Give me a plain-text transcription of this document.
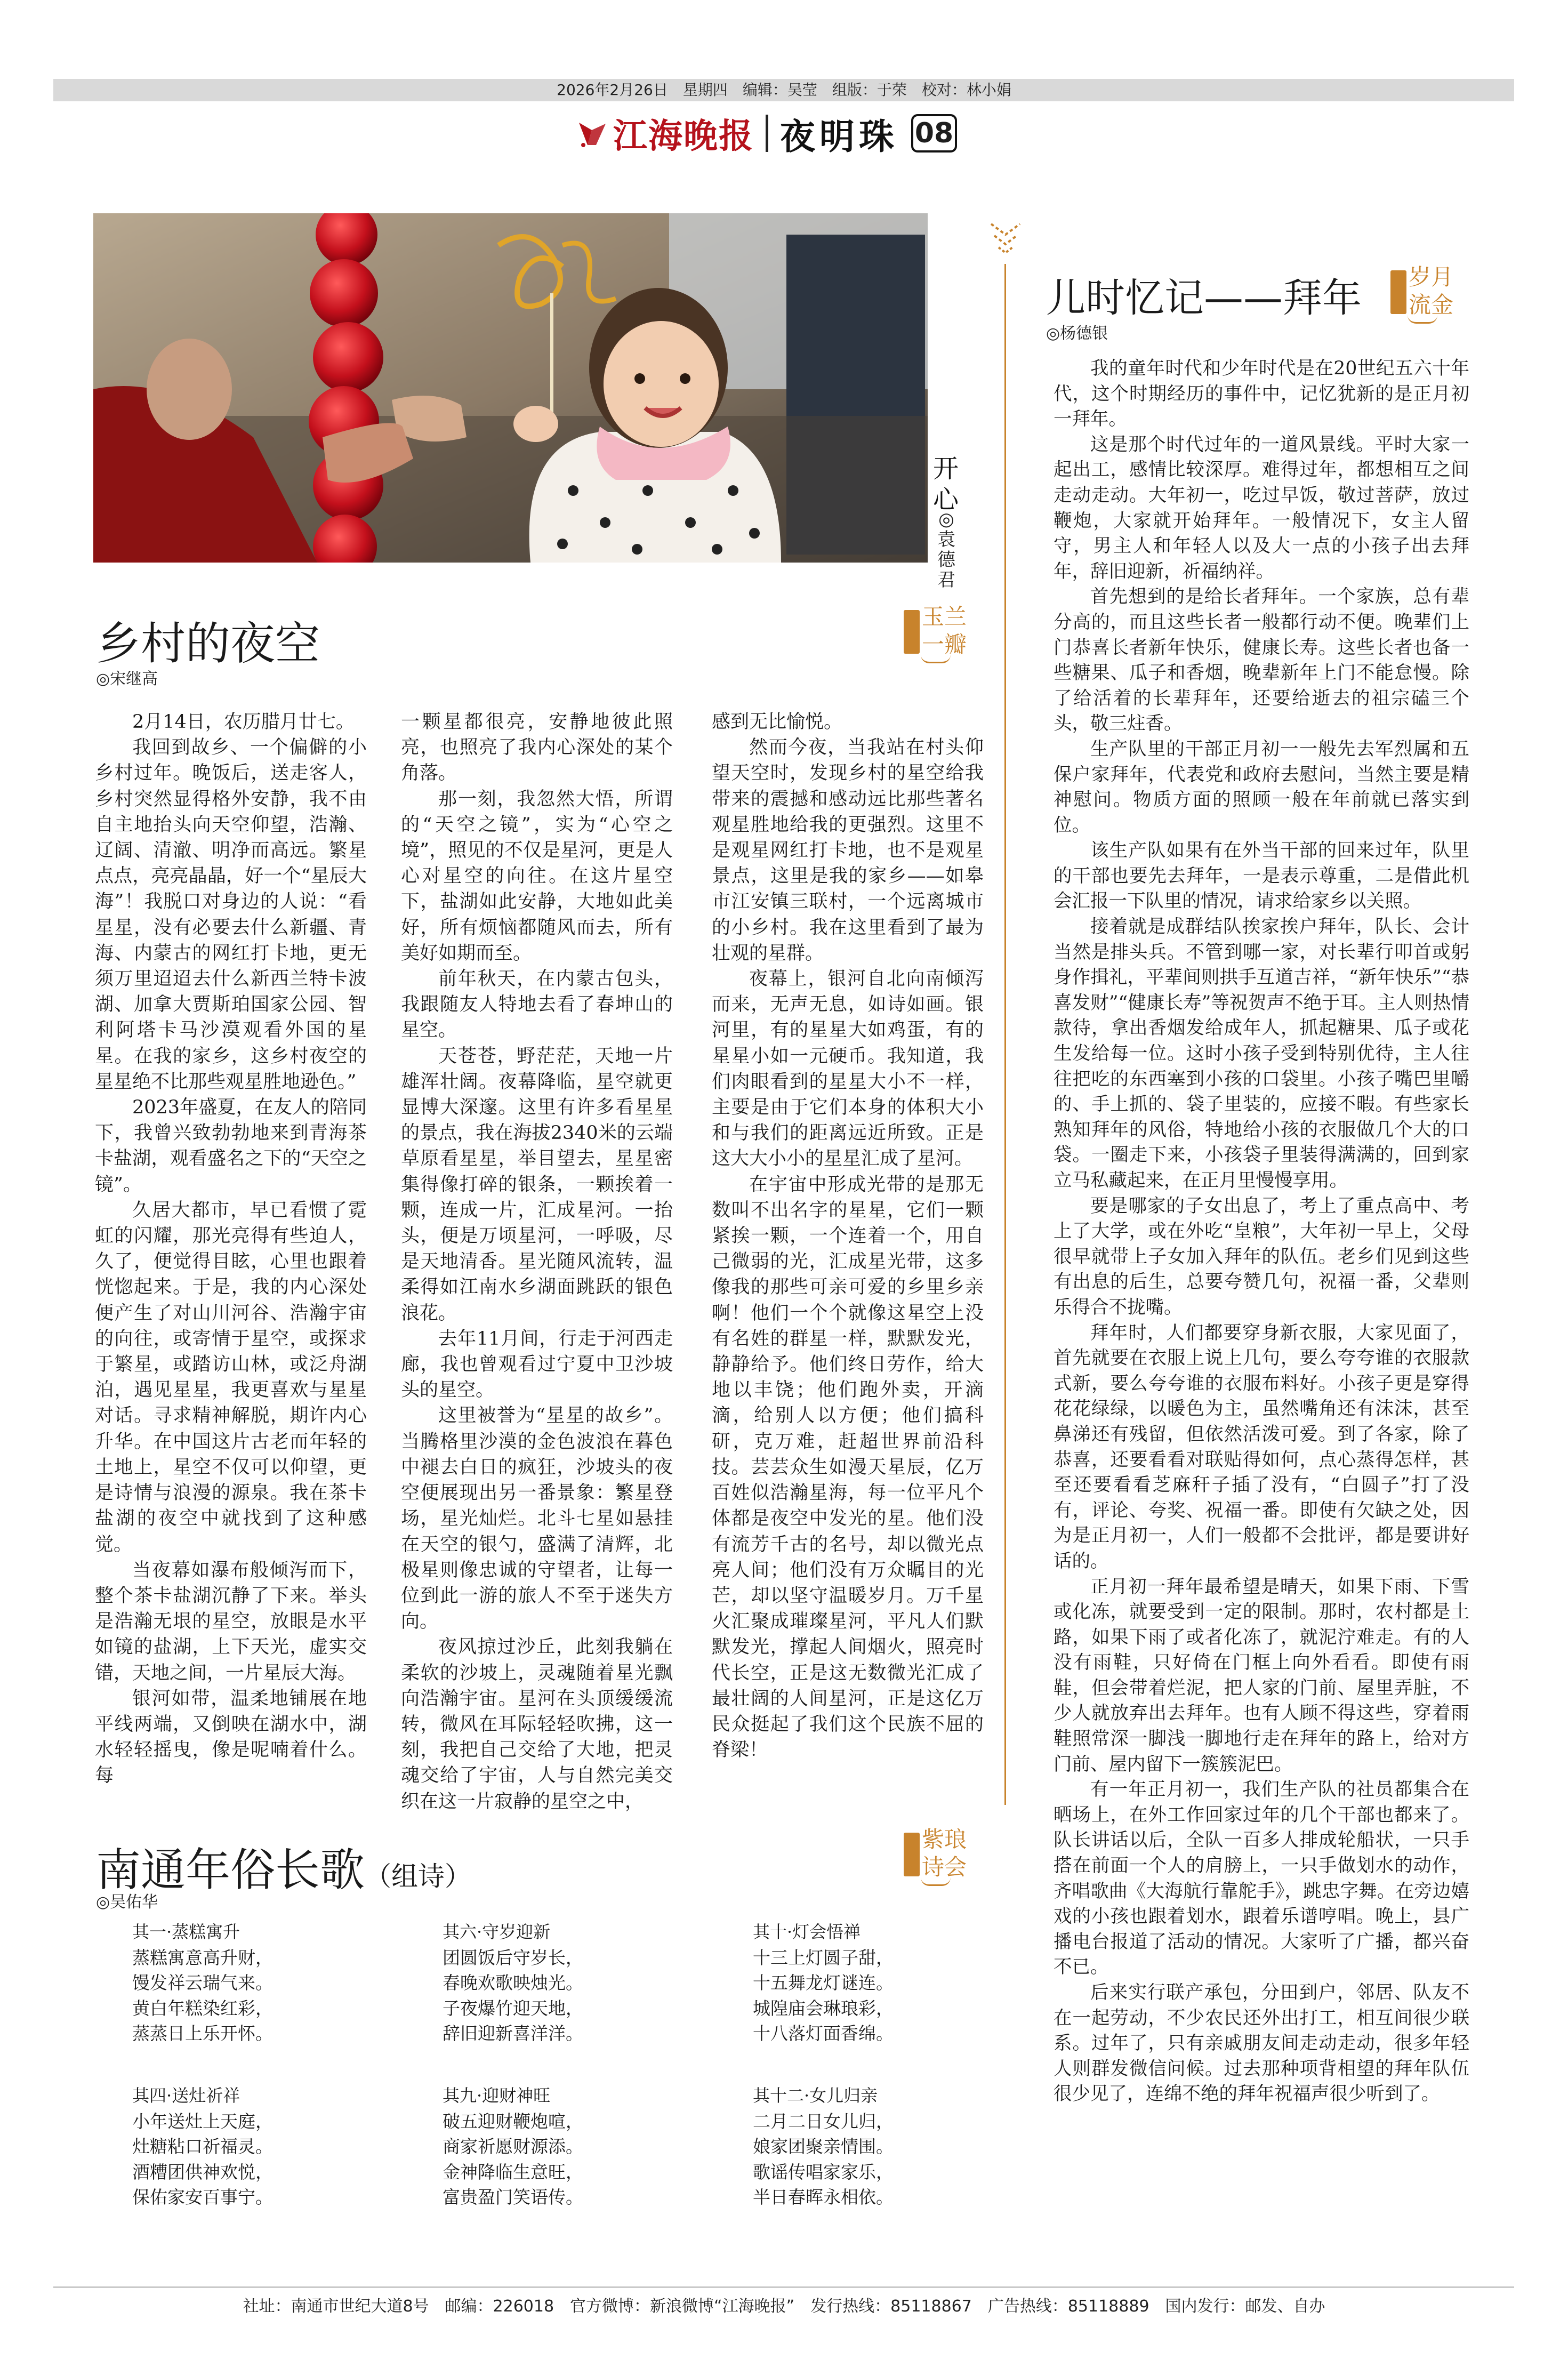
2026年2月26日　星期四　编辑：吴莹　组版：于荣　校对：林小娟
江海晚报 夜明珠 08
开心
◎袁德君
乡村的夜空
◎宋继高
玉兰
一瓣

2月14日，农历腊月廿七。

我回到故乡、一个偏僻的小乡村过年。晚饭后，送走客人，乡村突然显得格外安静，我不由自主地抬头向天空仰望，浩瀚、辽阔、清澈、明净而高远。繁星点点，亮亮晶晶，好一个“星辰大海”！我脱口对身边的人说：“看星星，没有必要去什么新疆、青海、内蒙古的网红打卡地，更无须万里迢迢去什么新西兰特卡波湖、加拿大贾斯珀国家公园、智利阿塔卡马沙漠观看外国的星星。在我的家乡，这乡村夜空的星星绝不比那些观星胜地逊色。”

2023年盛夏，在友人的陪同下，我曾兴致勃勃地来到青海茶卡盐湖，观看盛名之下的“天空之镜”。

久居大都市，早已看惯了霓虹的闪耀，那光亮得有些迫人，久了，便觉得目眩，心里也跟着恍惚起来。于是，我的内心深处便产生了对山川河谷、浩瀚宇宙的向往，或寄情于星空，或探求于繁星，或踏访山林，或泛舟湖泊，遇见星星，我更喜欢与星星对话。寻求精神解脱，期许内心升华。在中国这片古老而年轻的土地上，星空不仅可以仰望，更是诗情与浪漫的源泉。我在茶卡盐湖的夜空中就找到了这种感觉。

当夜幕如瀑布般倾泻而下，整个茶卡盐湖沉静了下来。举头是浩瀚无垠的星空，放眼是水平如镜的盐湖，上下天光，虚实交错，天地之间，一片星辰大海。

银河如带，温柔地铺展在地平线两端，又倒映在湖水中，湖水轻轻摇曳，像是呢喃着什么。每

一颗星都很亮，安静地彼此照亮，也照亮了我内心深处的某个角落。

那一刻，我忽然大悟，所谓的“天空之镜”，实为“心空之境”，照见的不仅是星河，更是人心对星空的向往。在这片星空下，盐湖如此安静，大地如此美好，所有烦恼都随风而去，所有美好如期而至。

前年秋天，在内蒙古包头，我跟随友人特地去看了春坤山的星空。

天苍苍，野茫茫，天地一片雄浑壮阔。夜幕降临，星空就更显博大深邃。这里有许多看星星的景点，我在海拔2340米的云端草原看星星，举目望去，星星密集得像打碎的银条，一颗挨着一颗，连成一片，汇成星河。一抬头，便是万顷星河，一呼吸，尽是天地清香。星光随风流转，温柔得如江南水乡湖面跳跃的银色浪花。

去年11月间，行走于河西走廊，我也曾观看过宁夏中卫沙坡头的星空。

这里被誉为“星星的故乡”。当腾格里沙漠的金色波浪在暮色中褪去白日的疯狂，沙坡头的夜空便展现出另一番景象：繁星登场，星光灿烂。北斗七星如悬挂在天空的银勺，盛满了清辉，北极星则像忠诚的守望者，让每一位到此一游的旅人不至于迷失方向。

夜风掠过沙丘，此刻我躺在柔软的沙坡上，灵魂随着星光飘向浩瀚宇宙。星河在头顶缓缓流转，微风在耳际轻轻吹拂，这一刻，我把自己交给了大地，把灵魂交给了宇宙，人与自然完美交织在这一片寂静的星空之中，

感到无比愉悦。

然而今夜，当我站在村头仰望天空时，发现乡村的星空给我带来的震撼和感动远比那些著名观星胜地给我的更强烈。这里不是观星网红打卡地，也不是观星景点，这里是我的家乡——如皋市江安镇三联村，一个远离城市的小乡村。我在这里看到了最为壮观的星群。

夜幕上，银河自北向南倾泻而来，无声无息，如诗如画。银河里，有的星星大如鸡蛋，有的星星小如一元硬币。我知道，我们肉眼看到的星星大小不一样，主要是由于它们本身的体积大小和与我们的距离远近所致。正是这大大小小的星星汇成了星河。

在宇宙中形成光带的是那无数叫不出名字的星星，它们一颗紧挨一颗，一个连着一个，用自己微弱的光，汇成星光带，这多像我的那些可亲可爱的乡里乡亲啊！他们一个个就像这星空上没有名姓的群星一样，默默发光，静静给予。他们终日劳作，给大地以丰饶；他们跑外卖，开滴滴，给别人以方便；他们搞科研，克万难，赶超世界前沿科技。芸芸众生如漫天星辰，亿万百姓似浩瀚星海，每一位平凡个体都是夜空中发光的星。他们没有流芳千古的名号，却以微光点亮人间；他们没有万众瞩目的光芒，却以坚守温暖岁月。万千星火汇聚成璀璨星河，平凡人们默默发光，撑起人间烟火，照亮时代长空，正是这无数微光汇成了最壮阔的人间星河，正是这亿万民众挺起了我们这个民族不屈的脊梁！

南通年俗长歌（组诗）
◎吴佑华
紫琅
诗会
其一·蒸糕寓升
蒸糕寓意高升财，
馒发祥云瑞气来。
黄白年糕染红彩，
蒸蒸日上乐开怀。
其六·守岁迎新
团圆饭后守岁长，
春晚欢歌映烛光。
子夜爆竹迎天地，
辞旧迎新喜洋洋。
其十·灯会悟禅
十三上灯圆子甜，
十五舞龙灯谜连。
城隍庙会琳琅彩，
十八落灯面香绵。
其四·送灶祈祥
小年送灶上天庭，
灶糖粘口祈福灵。
酒糟团供神欢悦，
保佑家安百事宁。
其九·迎财神旺
破五迎财鞭炮喧，
商家祈愿财源添。
金神降临生意旺，
富贵盈门笑语传。
其十二·女儿归亲
二月二日女儿归，
娘家团聚亲情围。
歌谣传唱家家乐，
半日春晖永相依。
儿时忆记——拜年
◎杨德银
岁月
流金

我的童年时代和少年时代是在20世纪五六十年代，这个时期经历的事件中，记忆犹新的是正月初一拜年。

这是那个时代过年的一道风景线。平时大家一起出工，感情比较深厚。难得过年，都想相互之间走动走动。大年初一，吃过早饭，敬过菩萨，放过鞭炮，大家就开始拜年。一般情况下，女主人留守，男主人和年轻人以及大一点的小孩子出去拜年，辞旧迎新，祈福纳祥。

首先想到的是给长者拜年。一个家族，总有辈分高的，而且这些长者一般都行动不便。晚辈们上门恭喜长者新年快乐，健康长寿。这些长者也备一些糖果、瓜子和香烟，晚辈新年上门不能怠慢。除了给活着的长辈拜年，还要给逝去的祖宗磕三个头，敬三炷香。

生产队里的干部正月初一一般先去军烈属和五保户家拜年，代表党和政府去慰问，当然主要是精神慰问。物质方面的照顾一般在年前就已落实到位。

该生产队如果有在外当干部的回来过年，队里的干部也要先去拜年，一是表示尊重，二是借此机会汇报一下队里的情况，请求给家乡以关照。

接着就是成群结队挨家挨户拜年，队长、会计当然是排头兵。不管到哪一家，对长辈行叩首或躬身作揖礼，平辈间则拱手互道吉祥，“新年快乐”“恭喜发财”“健康长寿”等祝贺声不绝于耳。主人则热情款待，拿出香烟发给成年人，抓起糖果、瓜子或花生发给每一位。这时小孩子受到特别优待，主人往往把吃的东西塞到小孩的口袋里。小孩子嘴巴里嚼的、手上抓的、袋子里装的，应接不暇。有些家长熟知拜年的风俗，特地给小孩的衣服做几个大的口袋。一圈走下来，小孩袋子里装得满满的，回到家立马私藏起来，在正月里慢慢享用。

要是哪家的子女出息了，考上了重点高中、考上了大学，或在外吃“皇粮”，大年初一早上，父母很早就带上子女加入拜年的队伍。老乡们见到这些有出息的后生，总要夸赞几句，祝福一番，父辈则乐得合不拢嘴。

拜年时，人们都要穿身新衣服，大家见面了，首先就要在衣服上说上几句，要么夸夸谁的衣服款式新，要么夸夸谁的衣服布料好。小孩子更是穿得花花绿绿，以暖色为主，虽然嘴角还有沫沫，甚至鼻涕还有残留，但依然活泼可爱。到了各家，除了恭喜，还要看看对联贴得如何，点心蒸得怎样，甚至还要看看芝麻秆子插了没有，“白圆子”打了没有，评论、夸奖、祝福一番。即使有欠缺之处，因为是正月初一，人们一般都不会批评，都是要讲好话的。

正月初一拜年最希望是晴天，如果下雨、下雪或化冻，就要受到一定的限制。那时，农村都是土路，如果下雨了或者化冻了，就泥泞难走。有的人没有雨鞋，只好倚在门框上向外看看。即使有雨鞋，但会带着烂泥，把人家的门前、屋里弄脏，不少人就放弃出去拜年。也有人顾不得这些，穿着雨鞋照常深一脚浅一脚地行走在拜年的路上，给对方门前、屋内留下一簇簇泥巴。

有一年正月初一，我们生产队的社员都集合在晒场上，在外工作回家过年的几个干部也都来了。队长讲话以后，全队一百多人排成轮船状，一只手搭在前面一个人的肩膀上，一只手做划水的动作，齐唱歌曲《大海航行靠舵手》，跳忠字舞。在旁边嬉戏的小孩也跟着划水，跟着乐谱哼唱。晚上，县广播电台报道了活动的情况。大家听了广播，都兴奋不已。

后来实行联产承包，分田到户，邻居、队友不在一起劳动，不少农民还外出打工，相互间很少联系。过年了，只有亲戚朋友间走动走动，很多年轻人则群发微信问候。过去那种项背相望的拜年队伍很少见了，连绵不绝的拜年祝福声很少听到了。

社址：南通市世纪大道8号　邮编：226018　官方微博：新浪微博“江海晚报”　发行热线：85118867　广告热线：85118889　国内发行：邮发、自办
